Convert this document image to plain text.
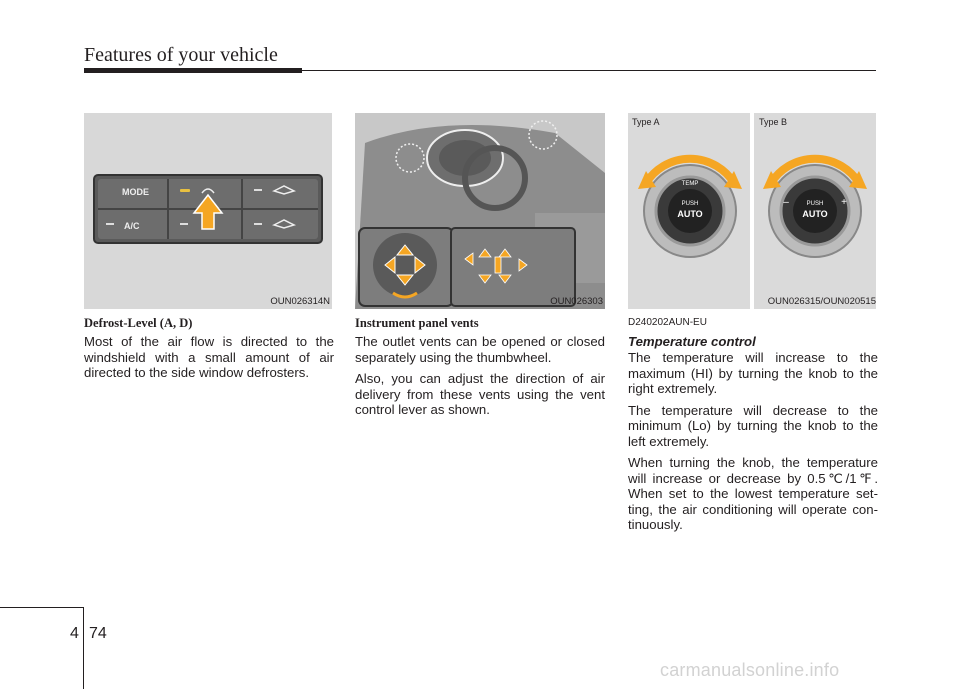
Features of your vehicle
MODE
A/C
OUN026314N	OUN026303
Type A	Type B
TEMP
PUSH
AUTO
PUSH
AUTO
–	+
OUN026315/OUN020515

Defrost-Level (A, D)

Most of the air flow is directed to the windshield with a small amount of air directed to the side window defrosters.

Instrument panel vents

The outlet vents can be opened or closed separately using the thumbwheel.

Also, you can adjust the direction of air delivery from these vents using the vent control lever as shown.

D240202AUN-EU

Temperature control

The temperature will increase to the maximum (HI) by turning the knob to the right extremely.

The temperature will decrease to the minimum (Lo) by turning the knob to the left extremely.

When turning the knob, the temperature will increase or decrease by 0.5℃/1℉. When set to the lowest temperature set-ting, the air conditioning will operate con-tinuously.

4 74
carmanualsonline.info
